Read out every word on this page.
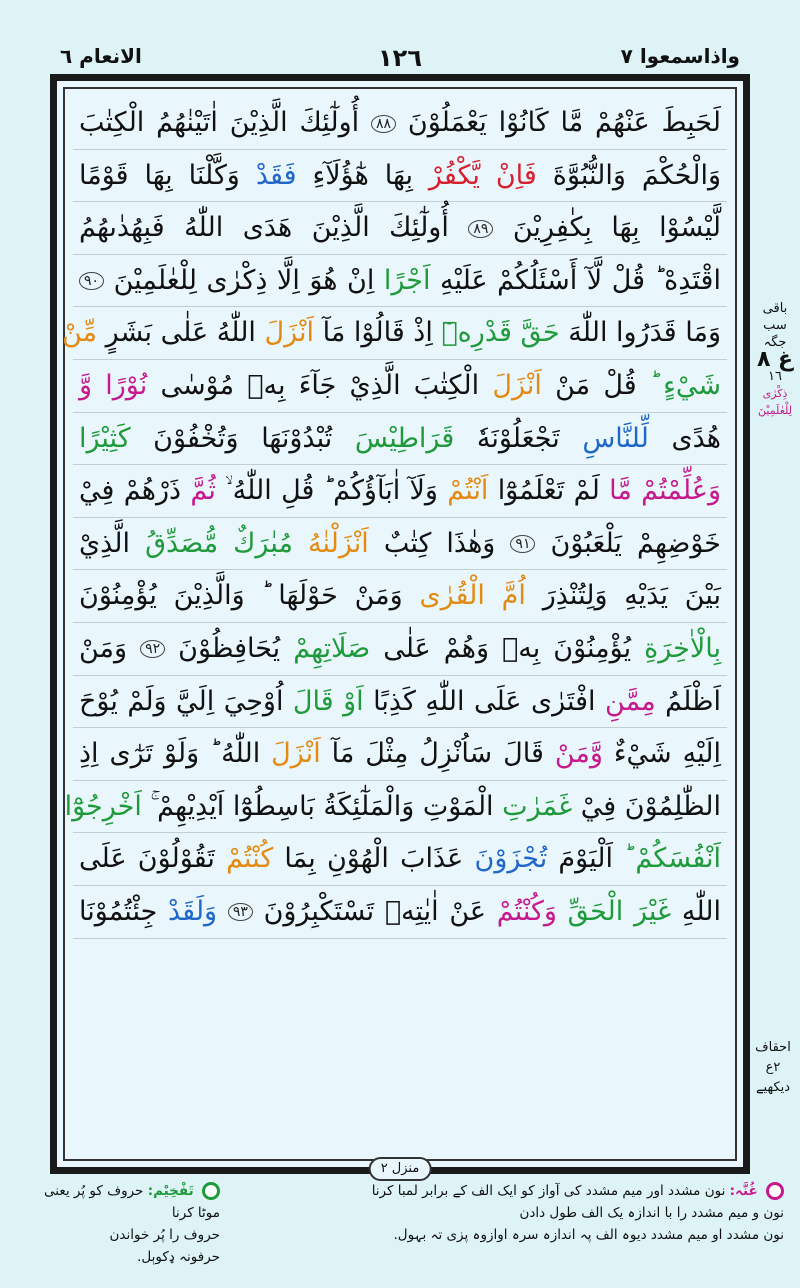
الانعام ٦	١٢٦	واذاسمعوا ٧
لَحَبِطَ عَنْهُمْ مَّا كَانُوْا يَعْمَلُوْنَ ٨٨ أُولٰٓئِكَ الَّذِيْنَ اٰتَيْنٰهُمُ الْكِتٰبَ
وَالْحُكْمَ وَالنُّبُوَّةَ فَاِنْ يَّكْفُرْ بِهَا هٰٓؤُلَآءِ فَقَدْ وَكَّلْنَا بِهَا قَوْمًا
لَّيْسُوْا بِهَا بِكٰفِرِيْنَ ٨٩ أُولٰٓئِكَ الَّذِيْنَ هَدَى اللّٰهُ فَبِهُدٰىهُمُ
اقْتَدِهْ ؕ قُلْ لَّآ أَسْئَلُكُمْ عَلَيْهِ اَجْرًا اِنْ هُوَ اِلَّا ذِكْرٰى لِلْعٰلَمِيْنَ ٩٠
وَمَا قَدَرُوا اللّٰهَ حَقَّ قَدْرِهٖٓ اِذْ قَالُوْا مَآ اَنْزَلَ اللّٰهُ عَلٰى بَشَرٍ مِّنْ
شَيْءٍ ؕ قُلْ مَنْ اَنْزَلَ الْكِتٰبَ الَّذِيْ جَآءَ بِهٖ مُوْسٰى نُوْرًا وَّ
هُدًى لِّلنَّاسِ تَجْعَلُوْنَهٗ قَرَاطِيْسَ تُبْدُوْنَهَا وَتُخْفُوْنَ كَثِيْرًا
وَعُلِّمْتُمْ مَّا لَمْ تَعْلَمُوْٓا اَنْتُمْ وَلَآ اٰبَآؤُكُمْ ؕ قُلِ اللّٰهُ ۙ ثُمَّ ذَرْهُمْ فِيْ
خَوْضِهِمْ يَلْعَبُوْنَ ٩١ وَهٰذَا كِتٰبٌ اَنْزَلْنٰهُ مُبٰرَكٌ مُّصَدِّقُ الَّذِيْ
بَيْنَ يَدَيْهِ وَلِتُنْذِرَ اُمَّ الْقُرٰى وَمَنْ حَوْلَهَا ؕ وَالَّذِيْنَ يُؤْمِنُوْنَ
بِالْاٰخِرَةِ يُؤْمِنُوْنَ بِهٖ وَهُمْ عَلٰى صَلَاتِهِمْ يُحَافِظُوْنَ ٩٢ وَمَنْ
اَظْلَمُ مِمَّنِ افْتَرٰى عَلَى اللّٰهِ كَذِبًا اَوْ قَالَ اُوْحِيَ اِلَيَّ وَلَمْ يُوْحَ
اِلَيْهِ شَيْءٌ وَّمَنْ قَالَ سَاُنْزِلُ مِثْلَ مَآ اَنْزَلَ اللّٰهُ ؕ وَلَوْ تَرٰٓى اِذِ
الظّٰلِمُوْنَ فِيْ غَمَرٰتِ الْمَوْتِ وَالْمَلٰٓئِكَةُ بَاسِطُوْٓا اَيْدِيْهِمْ ۚ اَخْرِجُوْٓا
اَنْفُسَكُمْ ؕ اَلْيَوْمَ تُجْزَوْنَ عَذَابَ الْهُوْنِ بِمَا كُنْتُمْ تَقُوْلُوْنَ عَلَى
اللّٰهِ غَيْرَ الْحَقِّ وَكُنْتُمْ عَنْ اٰيٰتِهٖ تَسْتَكْبِرُوْنَ ٩٣ وَلَقَدْ جِئْتُمُوْنَا
منزل ٢
باقی سب جگہ
غ ٨
١٦
ذِکْرٰی لِلْعٰلَمِیْنَ
احقاف ٢ع
دیکھیے
غُنَّہ: نون مشدد اور میم مشدد کی آواز کو ایک الف کے برابر لمبا کرنا
نون و میم مشدد را با اندازہ یک الف طول دادن
نون مشدد او میم مشدد دیوہ الف پہ اندازہ سرہ اوازوہ پزی تہ بہول.
تَفْخِیْم: حروف کو پُر یعنی موٹا کرنا
حروف را پُر خواندن
حرفونہ ډکوېل.
